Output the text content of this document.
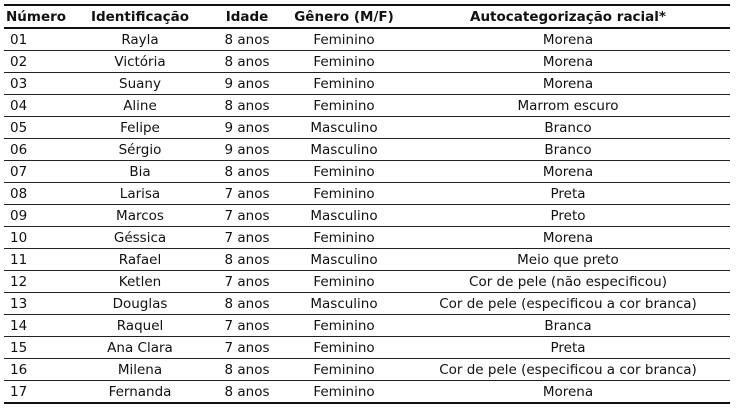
Número	Identificação	Idade	Gênero (M/F)	Autocategorização racial*
01	Rayla	8 anos	Feminino	Morena
02	Victória	8 anos	Feminino	Morena
03	Suany	9 anos	Feminino	Morena
04	Aline	8 anos	Feminino	Marrom escuro
05	Felipe	9 anos	Masculino	Branco
06	Sérgio	9 anos	Masculino	Branco
07	Bia	8 anos	Feminino	Morena
08	Larisa	7 anos	Feminino	Preta
09	Marcos	7 anos	Masculino	Preto
10	Géssica	7 anos	Feminino	Morena
11	Rafael	8 anos	Masculino	Meio que preto
12	Ketlen	7 anos	Feminino	Cor de pele (não especificou)
13	Douglas	8 anos	Masculino	Cor de pele (especificou a cor branca)
14	Raquel	7 anos	Feminino	Branca
15	Ana Clara	7 anos	Feminino	Preta
16	Milena	8 anos	Feminino	Cor de pele (especificou a cor branca)
17	Fernanda	8 anos	Feminino	Morena
